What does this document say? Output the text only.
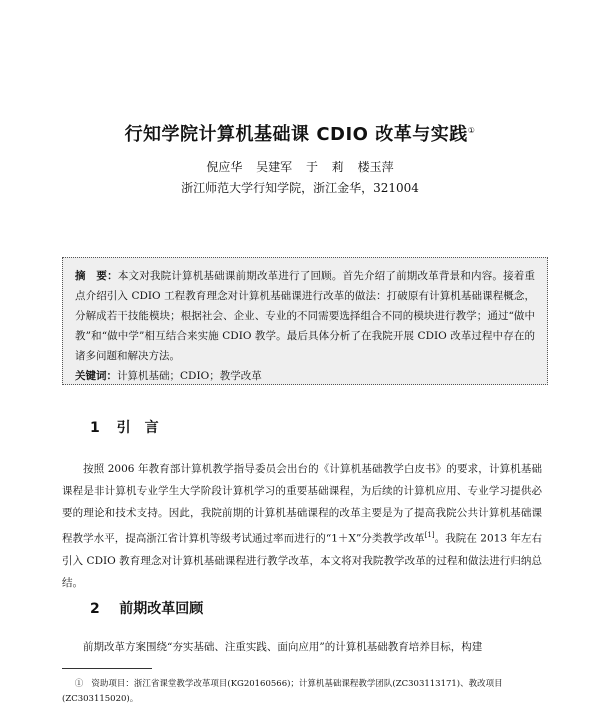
行知学院计算机基础课 CDIO 改革与实践①
倪应华 吴建军 于 莉 楼玉萍
浙江师范大学行知学院，浙江金华，321004
摘　要：本文对我院计算机基础课前期改革进行了回顾。首先介绍了前期改革背景和内容。接着重点介绍引入 CDIO 工程教育理念对计算机基础课进行改革的做法：打破原有计算机基础课程概念，分解成若干技能模块；根据社会、企业、专业的不同需要选择组合不同的模块进行教学；通过“做中教”和“做中学”相互结合来实施 CDIO 教学。最后具体分析了在我院开展 CDIO 改革过程中存在的诸多问题和解决方法。
关键词：计算机基础；CDIO；教学改革
1 引　言
按照 2006 年教育部计算机教学指导委员会出台的《计算机基础教学白皮书》的要求，计算机基础课程是非计算机专业学生大学阶段计算机学习的重要基础课程，为后续的计算机应用、专业学习提供必要的理论和技术支持。因此，我院前期的计算机基础课程的改革主要是为了提高我院公共计算机基础课程教学水平，提高浙江省计算机等级考试通过率而进行的“1＋X”分类教学改革[1]。我院在 2013 年左右引入 CDIO 教育理念对计算机基础课程进行教学改革，本文将对我院教学改革的过程和做法进行归纳总结。
2 前期改革回顾
前期改革方案围绕“夯实基础、注重实践、面向应用”的计算机基础教育培养目标，构建
① 资助项目：浙江省课堂教学改革项目(KG20160566)；计算机基础课程教学团队(ZC303113171)、教改项目(ZC303115020)。
